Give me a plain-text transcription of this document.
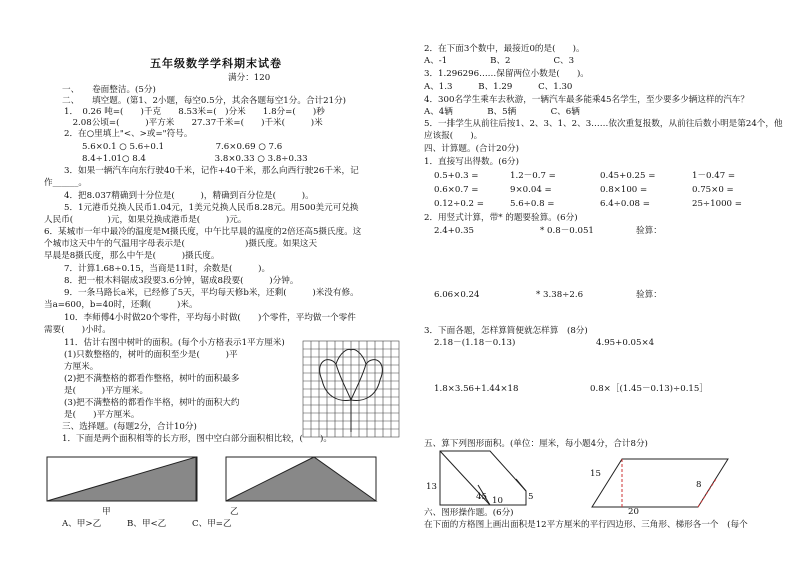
五年级数学学科期末试卷
满分：120
一、　　卷面整洁。(5分)
二、　　填空题。(第1、2小题，每空0.5分，其余各题每空1分。合计21分)
1．　0.26 吨=(　　)千克　　8.53米=(　)分米　　1.8分=(　　)秒
　2.08公顷=(　　　)平方米　　27.37千米=(　　)千米(　　　)米
2．在○里填上"<、>或="符号。
5.6×0.1 ○ 5.6÷0.1　　　　　　7.6×0.69 ○ 7.6
8.4÷1.01○ 8.4　　　　　　　　3.8×0.33 ○ 3.8÷0.33
3．如果一辆汽车向东行驶40千米，记作+40千米，那么向西行驶26千米，记
作______。
4．把8.037精确到十分位是(　　　)，精确到百分位是(　　　)。
5．1元港币兑换人民币1.04元，1美元兑换人民币8.28元。用500美元可兑换
人民币(　　　　)元，如果兑换成港币是(　　　)元。
6．某城市一年中最冷的温度是M摄氏度，中午比早晨的温度的2倍还高5摄氏度。这
个城市这天中午的气温用字母表示是(　　　　　　　)摄氏度。如果这天
早晨是8摄氏度，那么中午是(　　　)摄氏度。
7．计算1.68÷0.15，当商是11时，余数是(　　　)。
8．把一根木料锯成3段要3.6分钟，锯成8段要(　　　)分钟。
9．一条马路长a米，已经修了5天，平均每天修b米，还剩(　　　)米没有修。
当a=600，b=40时，还剩(　　　)米。
10．李师傅4小时做20个零件，平均每小时做(　　)个零件，平均做一个零件
需要(　　)小时。
11．估计右图中树叶的面积。(每个小方格表示1平方厘米)
(1)只数整格的，树叶的面积至少是(　　　)平
方厘米。
(2)把不满整格的都看作整格，树叶的面积最多
是(　　　)平方厘米。
(3)把不满整格的都看作半格，树叶的面积大约
是(　　)平方厘米。
三、选择题。(每题2分，合计10分)
1．下面是两个面积相等的长方形，图中空白部分面积相比较，(　　)。
甲	乙
A、甲>乙　　　B、甲<乙　　　C、甲=乙
2．在下面3个数中，最接近0的是(　　)。
A、-1　　　　　B、2　　　　　C、3
3．1.296296……保留两位小数是(　　)。
A、1.3　　　B、1.29　　　C、1.30
4．300名学生乘车去秋游，一辆汽车最多能乘45名学生，至少要多少辆这样的汽车？
A、4辆　　　　B、5辆　　　　C、6辆
5．一排学生从前往后按1、2、3、1、2、3……依次重复报数，从前往后数小明是第24个，他
应该报(　　)。
四、计算题。(合计20分)
1．直接写出得数。(6分)
0.5+0.3 =	1.2－0.7 =	0.45+0.25 =	1－0.47 =
0.6×0.7 =	9×0.04 =	0.8×100 =	0.75×0 =
0.12÷0.2 =	5.6÷0.8 =	6.4÷0.08 =	25÷1000 =
2．用竖式计算，带* 的题要验算。(6分)
2.4+0.35	* 0.8－0.051	验算：
6.06×0.24	* 3.38÷2.6	验算：
3．下面各题，怎样算简便就怎样算　(8分)
2.18－(1.18－0.13)	4.95+0.05×4
1.8×3.56+1.44×18	0.8×［(1.45－0.13)÷0.15］
五、算下列图形面积。(单位：厘米，每小题4分，合计8分)
13
45 10	5
15
8
20
六、图形操作题。(6分)
在下面的方格图上画出面积是12平方厘米的平行四边形、三角形、梯形各一个　(每个
